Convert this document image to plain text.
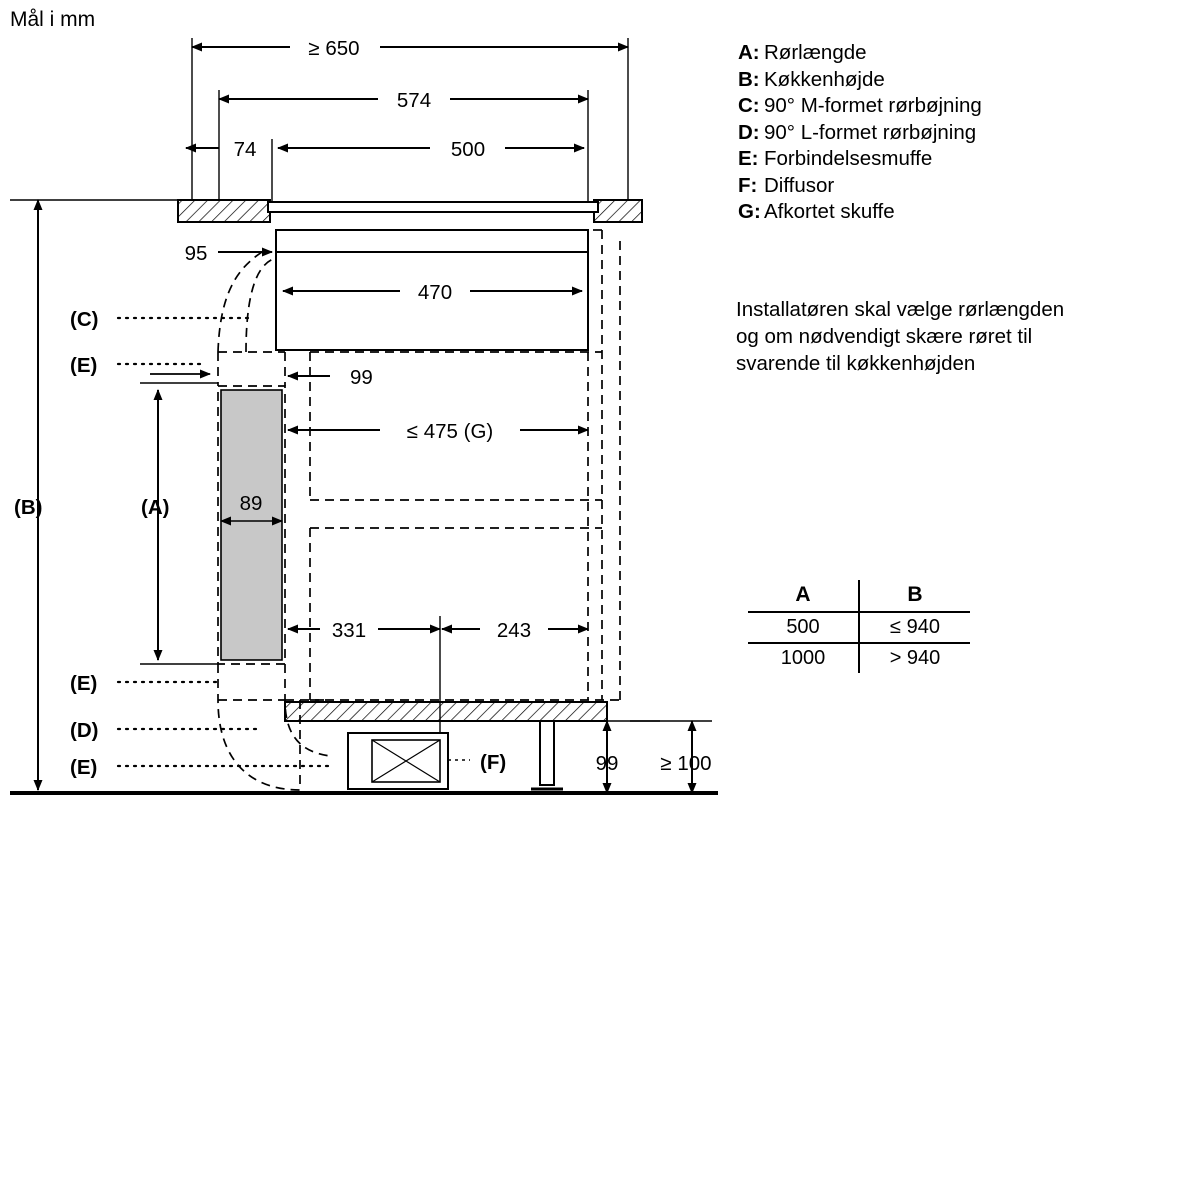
Mål i mm
≥ 650
574
74	500
95
470
99
≤ 475 (G)
89
331	243
99 ≥ 100
(B)
(C)
(E)
(A)
(E)
(D)
(E)	(F)
A: Rørlængde
B: Køkkenhøjde
C: 90° M-formet rørbøjning
D: 90° L-formet rørbøjning
E: Forbindelsesmuffe
F: Diffusor
G: Afkortet skuffe
Installatøren skal vælge rørlængden
og om nødvendigt skære røret til
svarende til køkkenhøjden
A	B

500	≤ 940

1000	> 940
